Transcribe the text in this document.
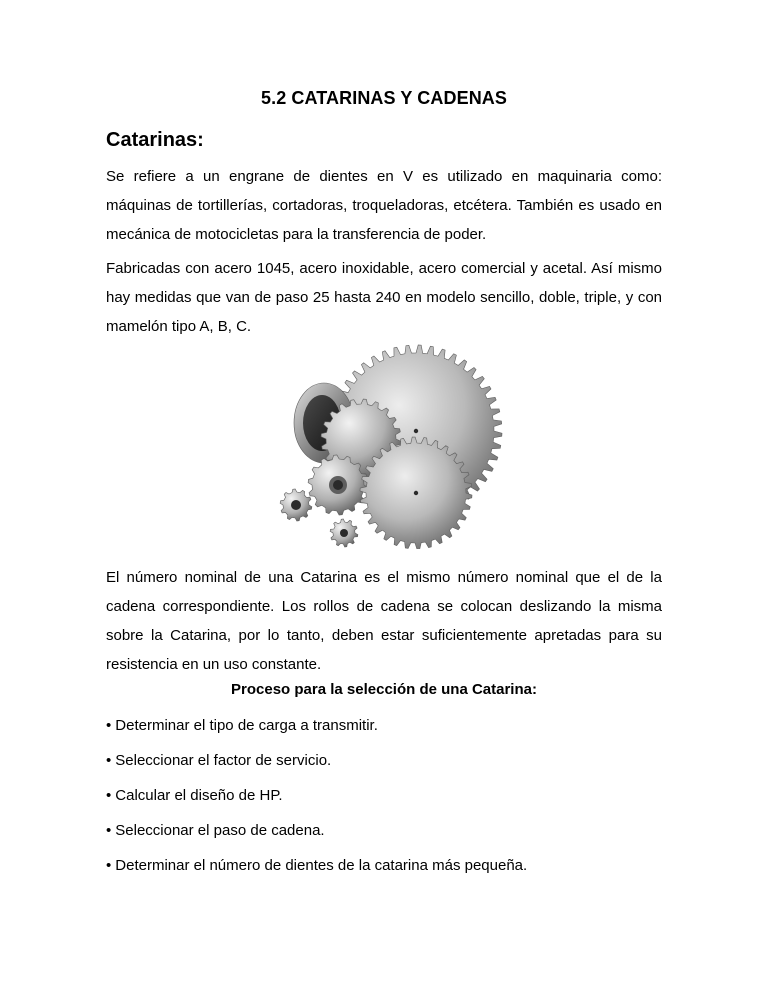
5.2 CATARINAS Y CADENAS
Catarinas:

Se refiere a un engrane de dientes en V es utilizado en maquinaria como: máquinas de tortillerías, cortadoras, troqueladoras, etcétera. También es usado en mecánica de motocicletas para la transferencia de poder.

Fabricadas con acero 1045, acero inoxidable, acero comercial y acetal. Así mismo hay medidas que van de paso 25 hasta 240 en modelo sencillo, doble, triple, y con mamelón tipo A, B, C.

El número nominal de una Catarina es el mismo número nominal que el de la cadena correspondiente. Los rollos de cadena se colocan deslizando la misma sobre la Catarina, por lo tanto, deben estar suficientemente apretadas para su resistencia en un uso constante.

Proceso para la selección de una Catarina:
• Determinar el tipo de carga a transmitir.
• Seleccionar el factor de servicio.
• Calcular el diseño de HP.
• Seleccionar el paso de cadena.
• Determinar el número de dientes de la catarina más pequeña.
